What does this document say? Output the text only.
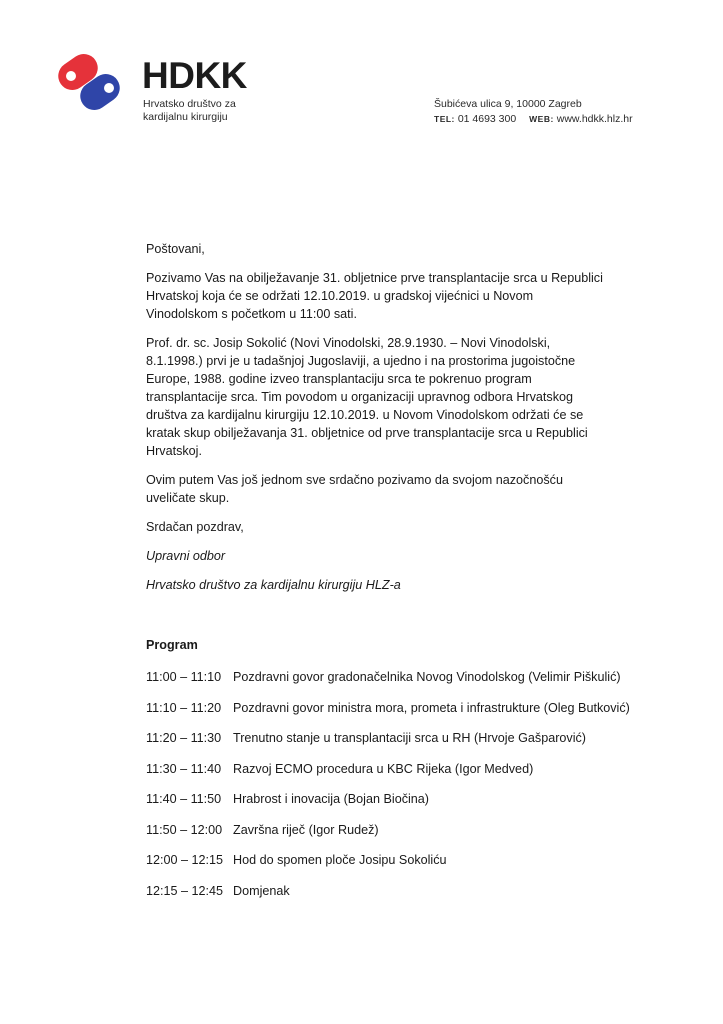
HDKK
Hrvatsko društvo za
kardijalnu kirurgiju
Šubićeva ulica 9, 10000 Zagreb
TEL: 01 4693 300 WEB: www.hdkk.hlz.hr

Poštovani,

Pozivamo Vas na obilježavanje 31. obljetnice prve transplantacije srca u Republici Hrvatskoj koja će se održati 12.10.2019. u gradskoj vijećnici u Novom Vinodolskom s početkom u 11:00 sati.

Prof. dr. sc. Josip Sokolić (Novi Vinodolski, 28.9.1930. – Novi Vinodolski, 8.1.1998.) prvi je u tadašnjoj Jugoslaviji, a ujedno i na prostorima jugoistočne Europe, 1988. godine izveo transplantaciju srca te pokrenuo program transplantacije srca. Tim povodom u organizaciji upravnog odbora Hrvatskog društva za kardijalnu kirurgiju 12.10.2019. u Novom Vinodolskom održati će se kratak skup obilježavanja 31. obljetnice od prve transplantacije srca u Republici Hrvatskoj.

Ovim putem Vas još jednom sve srdačno pozivamo da svojom nazočnošću uveličate skup.

Srdačan pozdrav,

Upravni odbor

Hrvatsko društvo za kardijalnu kirurgiju HLZ-a

Program
11:00 – 11:10 Pozdravni govor gradonačelnika Novog Vinodolskog (Velimir Piškulić)
11:10 – 11:20 Pozdravni govor ministra mora, prometa i infrastrukture (Oleg Butković)
11:20 – 11:30 Trenutno stanje u transplantaciji srca u RH (Hrvoje Gašparović)
11:30 – 11:40 Razvoj ECMO procedura u KBC Rijeka (Igor Medved)
11:40 – 11:50 Hrabrost i inovacija (Bojan Biočina)
11:50 – 12:00 Završna riječ (Igor Rudež)
12:00 – 12:15 Hod do spomen ploče Josipu Sokoliću
12:15 – 12:45 Domjenak
